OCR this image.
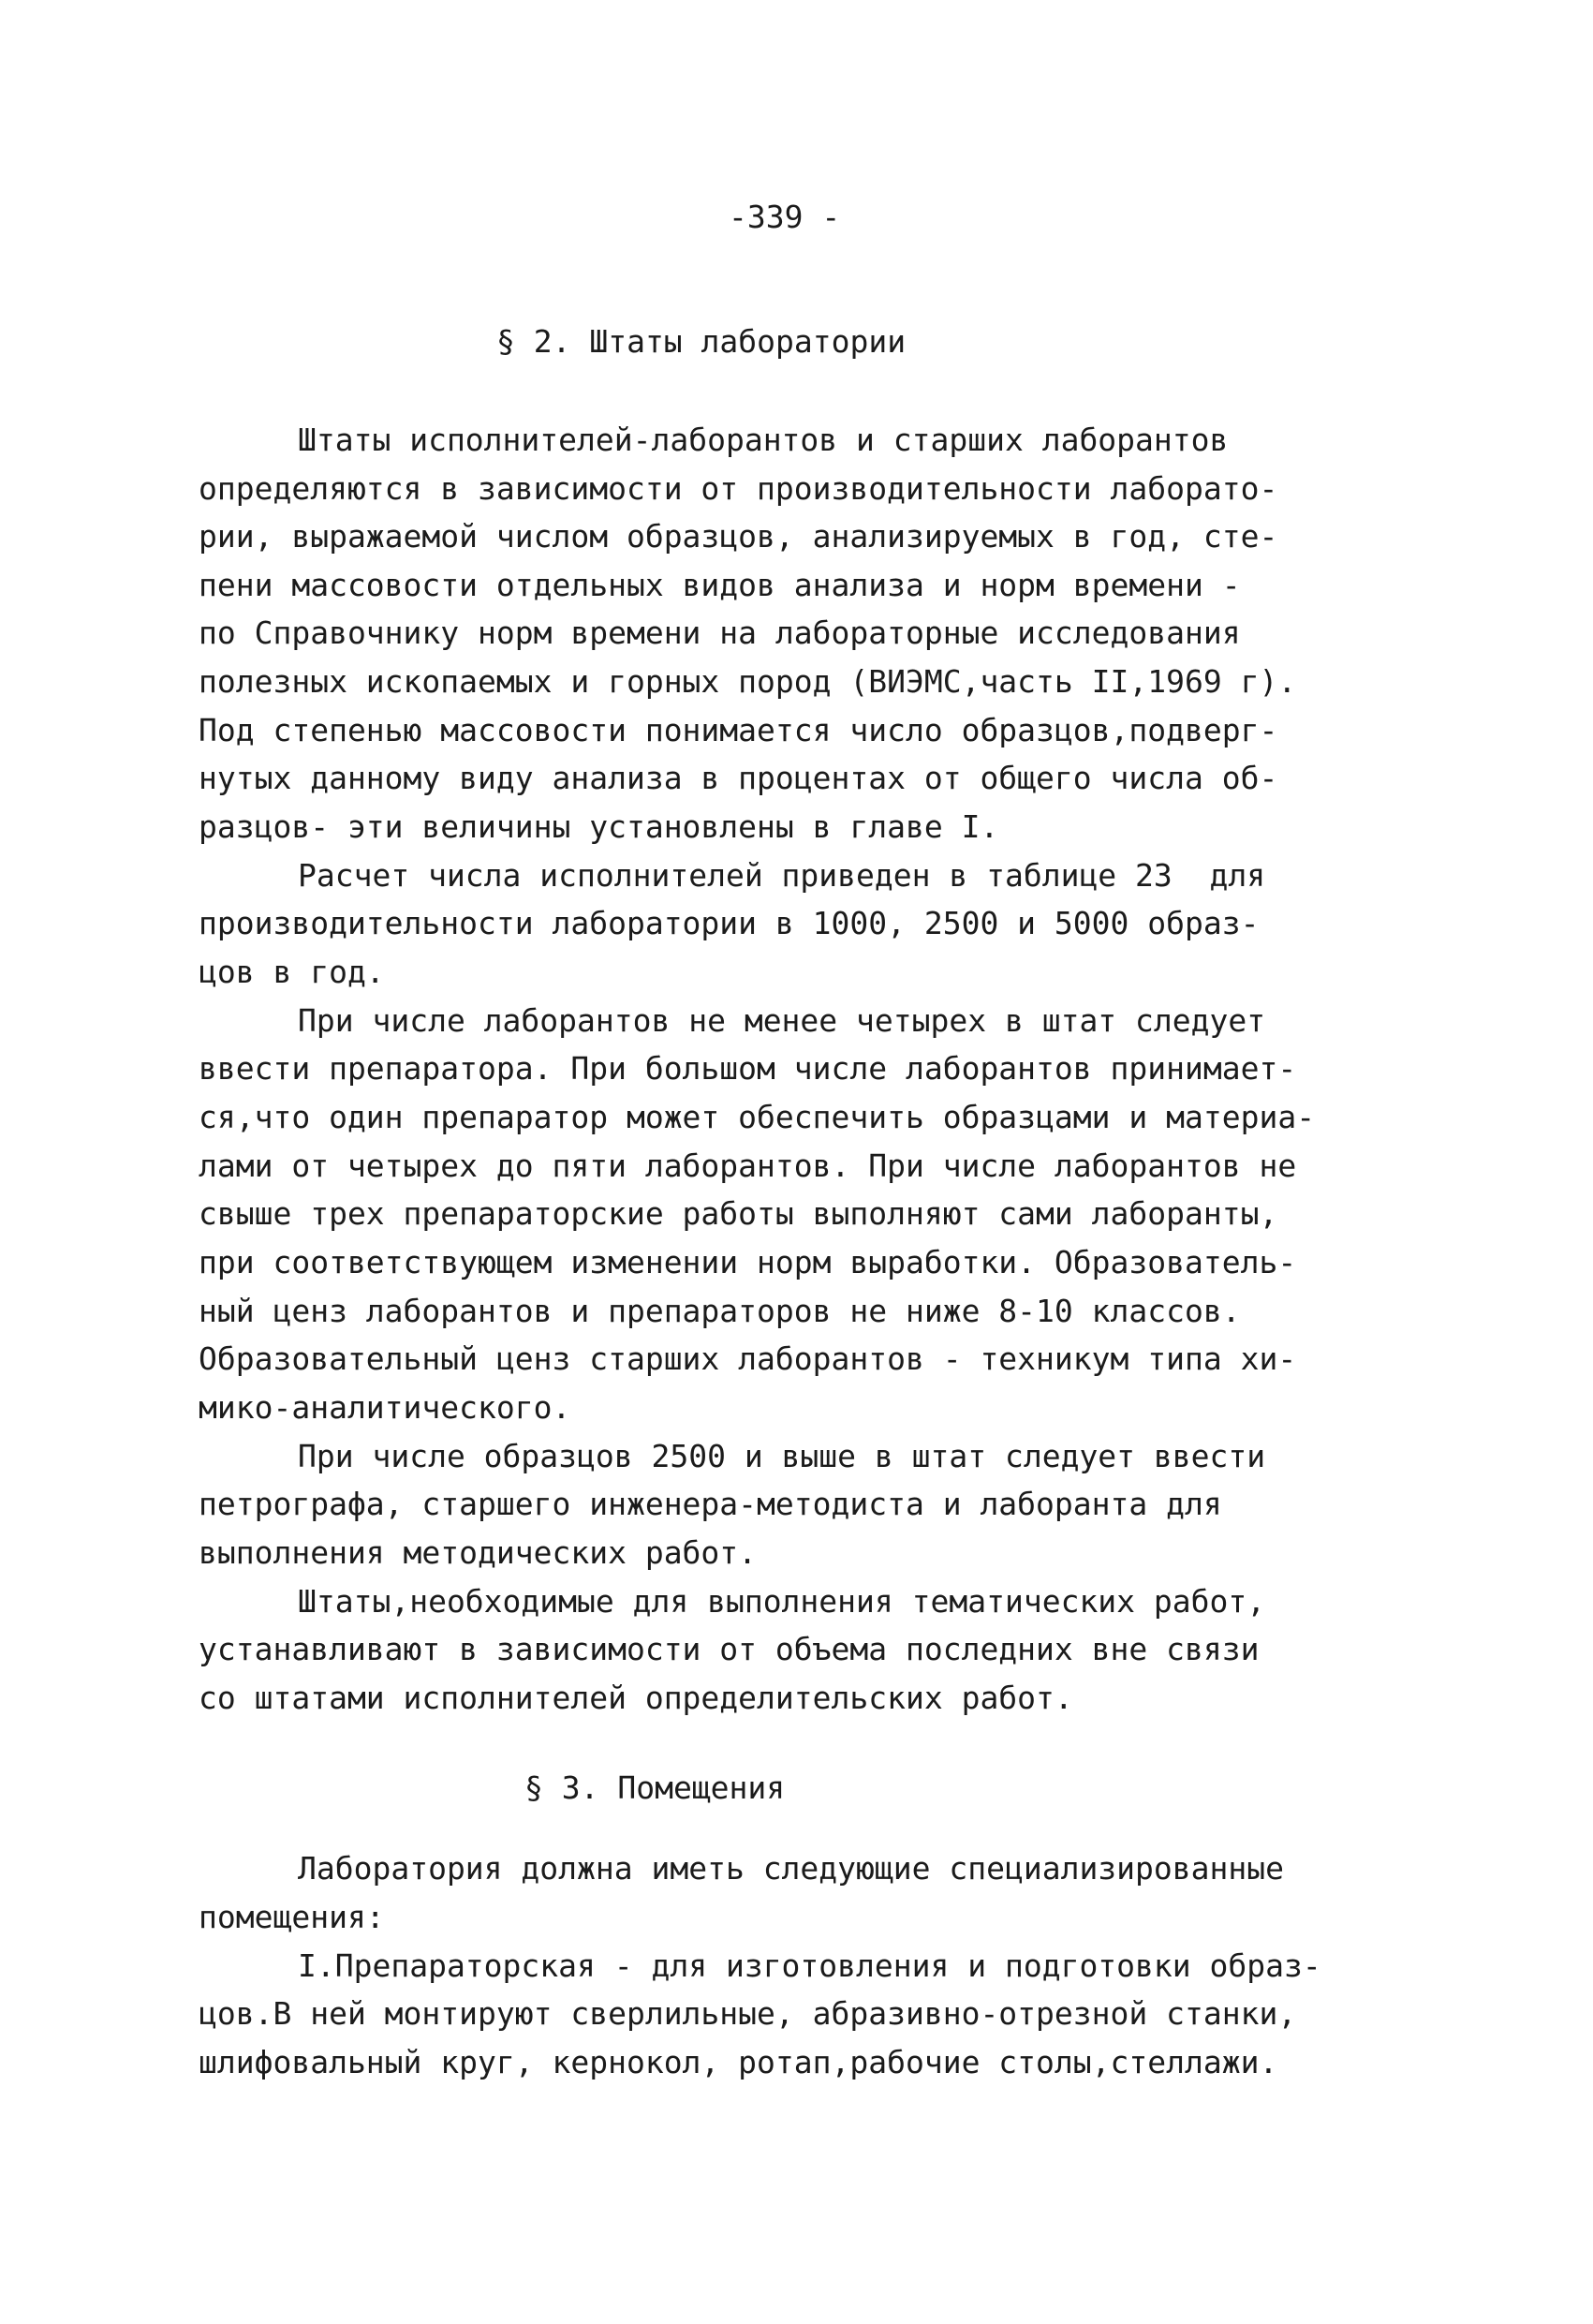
-339 -
§ 2. Штаты лаборатории
Штаты исполнителей-лаборантов и старших лаборантов
определяются в зависимости от производительности лаборато-
рии, выражаемой числом образцов, анализируемых в год, сте-
пени массовости отдельных видов анализа и норм времени -
по Справочнику норм времени на лабораторные исследования
полезных ископаемых и горных пород (ВИЭМС,часть II,1969 г).
Под степенью массовости понимается число образцов,подверг-
нутых данному виду анализа в процентах от общего числа об-
разцов- эти величины установлены в главе I.
Расчет числа исполнителей приведен в таблице 23  для
производительности лаборатории в 1000, 2500 и 5000 образ-
цов в год.
При числе лаборантов не менее четырех в штат следует
ввести препаратора. При большом числе лаборантов принимает-
ся,что один препаратор может обеспечить образцами и материа-
лами от четырех до пяти лаборантов. При числе лаборантов не
свыше трех препараторские работы выполняют сами лаборанты,
при соответствующем изменении норм выработки. Образователь-
ный ценз лаборантов и препараторов не ниже 8-10 классов.
Образовательный ценз старших лаборантов - техникум типа хи-
мико-аналитического.
При числе образцов 2500 и выше в штат следует ввести
петрографа, старшего инженера-методиста и лаборанта для
выполнения методических работ.
Штаты,необходимые для выполнения тематических работ,
устанавливают в зависимости от объема последних вне связи
со штатами исполнителей определительских работ.
§ 3. Помещения
Лаборатория должна иметь следующие специализированные
помещения:
I.Препараторская - для изготовления и подготовки образ-
цов.В ней монтируют сверлильные, абразивно-отрезной станки,
шлифовальный круг, кернокол, ротап,рабочие столы,стеллажи.
